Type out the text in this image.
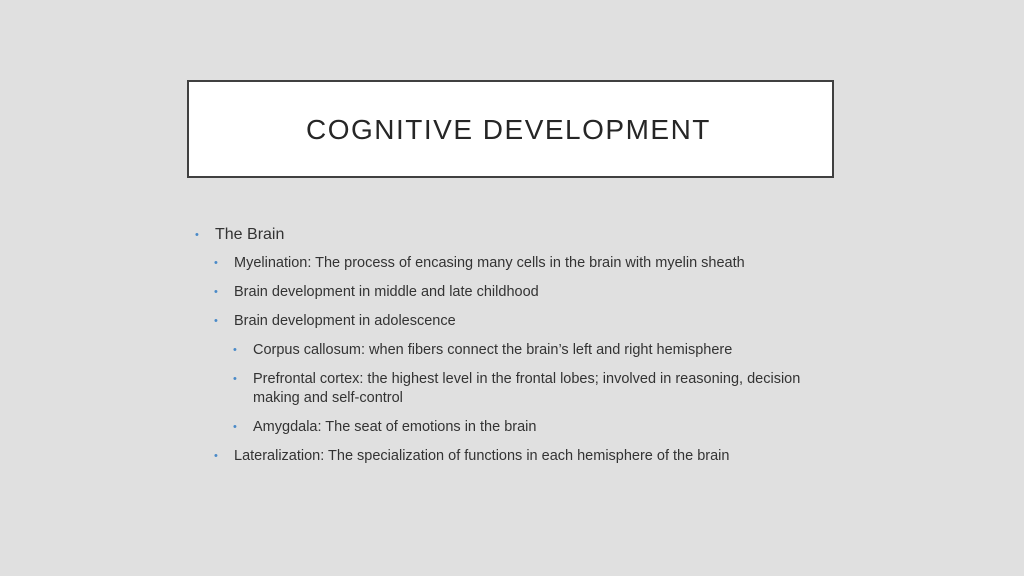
COGNITIVE DEVELOPMENT
•	The Brain
•	Myelination: The process of encasing many cells in the brain with myelin sheath
•	Brain development in middle and late childhood
•	Brain development in adolescence
•	Corpus callosum: when fibers connect the brain’s left and right hemisphere
•	Prefrontal cortex: the highest level in the frontal lobes; involved in reasoning, decision making and self-control
•	Amygdala: The seat of emotions in the brain
•	Lateralization: The specialization of functions in each hemisphere of the brain
